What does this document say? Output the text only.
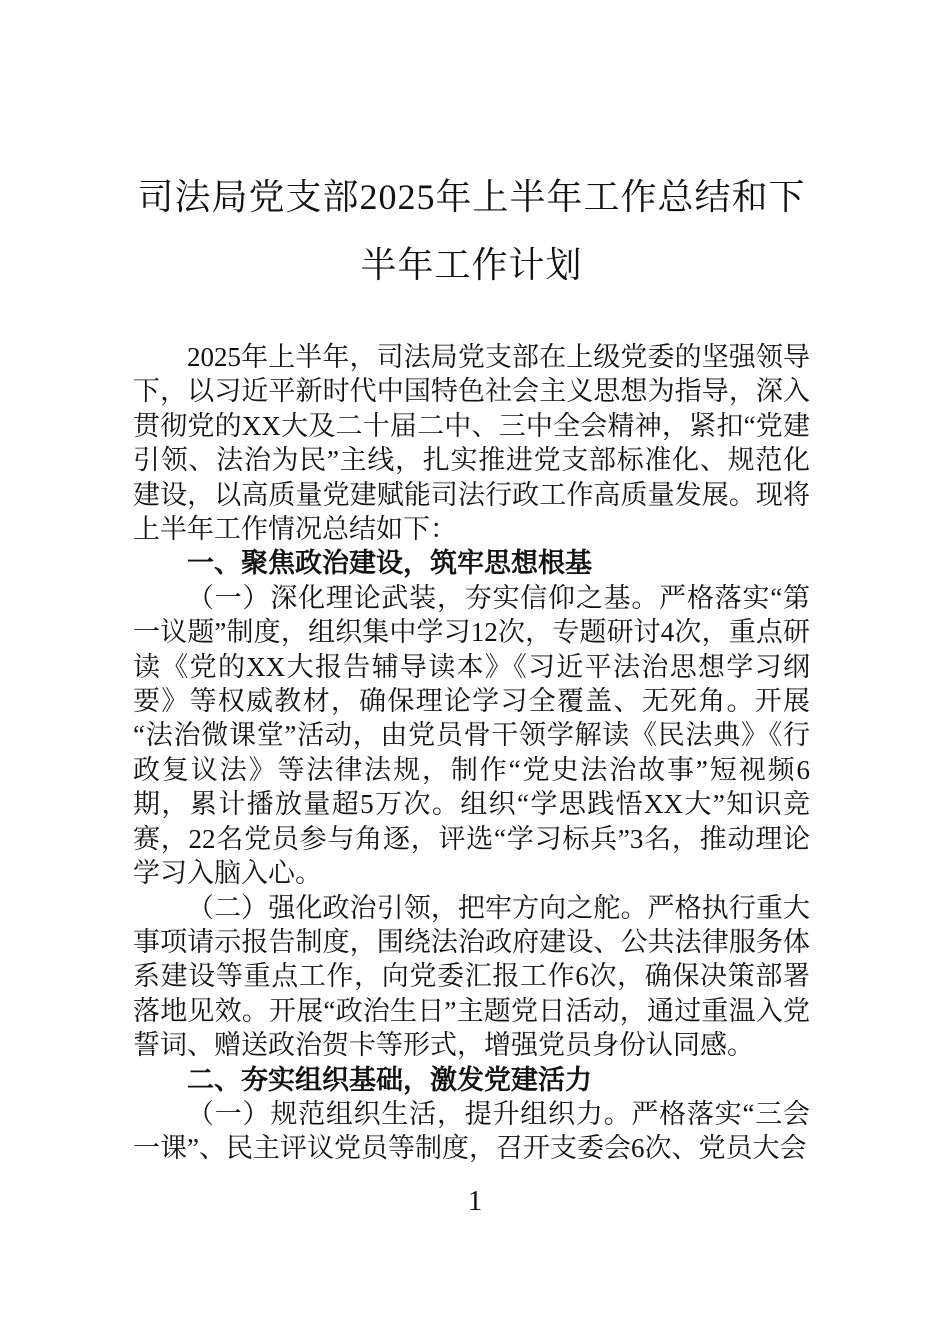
司法局党支部2025年上半年工作总结和下半年工作计划

2025年上半年，司法局党支部在上级党委的坚强领导下，以习近平新时代中国特色社会主义思想为指导，深入贯彻党的XX大及二十届二中、三中全会精神，紧扣“党建引领、法治为民”主线，扎实推进党支部标准化、规范化建设，以高质量党建赋能司法行政工作高质量发展。现将上半年工作情况总结如下：

一、聚焦政治建设，筑牢思想根基

（一）深化理论武装，夯实信仰之基。严格落实“第一议题”制度，组织集中学习12次，专题研讨4次，重点研读《党的XX大报告辅导读本》《习近平法治思想学习纲要》等权威教材，确保理论学习全覆盖、无死角。开展“法治微课堂”活动，由党员骨干领学解读《民法典》《行政复议法》等法律法规，制作“党史法治故事”短视频6期，累计播放量超5万次。组织“学思践悟XX大”知识竞赛，22名党员参与角逐，评选“学习标兵”3名，推动理论学习入脑入心。

（二）强化政治引领，把牢方向之舵。严格执行重大事项请示报告制度，围绕法治政府建设、公共法律服务体系建设等重点工作，向党委汇报工作6次，确保决策部署落地见效。开展“政治生日”主题党日活动，通过重温入党誓词、赠送政治贺卡等形式，增强党员身份认同感。

二、夯实组织基础，激发党建活力

（一）规范组织生活，提升组织力。严格落实“三会一课”、民主评议党员等制度，召开支委会6次、党员大会

1
